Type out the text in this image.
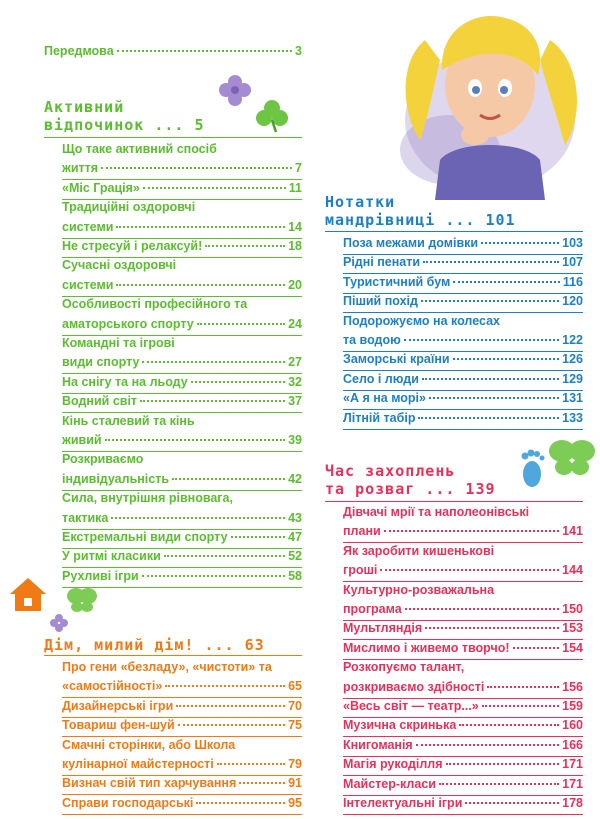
Передмова	3
Активний
відпочинок ... 5
Що таке активний спосіб
життя	7
«Міс Грація»	11
Традиційні оздоровчі
системи	14
Не стресуй і релаксуй!	18
Сучасні оздоровчі
системи	20
Особливості професійного та
аматорського спорту	24
Командні та ігрові
види спорту	27
На снігу та на льоду	32
Водний світ	37
Кінь сталевий та кінь
живий	39
Розкриваємо
індивідуальність	42
Сила, внутрішня рівновага,
тактика	43
Екстремальні види спорту	47
У ритмі класики	52
Рухливі ігри	58
Дім, милий дім! ... 63
Про гени «безладу», «чистоти» та
«самостійності»	65
Дизайнерські ігри	70
Товариш фен-шуй	75
Смачні сторінки, або Школа
кулінарної майстерності	79
Визнач свій тип харчування	91
Справи господарські	95
Нотатки
мандрівниці ... 101
Поза межами домівки	103
Рідні пенати	107
Туристичний бум	116
Піший похід	120
Подорожуємо на колесах
та водою	122
Заморські країни	126
Село і люди	129
«А я на морі»	131
Літній табір	133
Час захоплень
та розваг ... 139
Дівчачі мрії та наполеонівські
плани	141
Як заробити кишенькові
гроші	144
Культурно-розважальна
програма	150
Мультляндія	153
Мислимо і живемо творчо!	154
Розкопуємо талант,
розкриваємо здібності	156
«Весь світ — театр...»	159
Музична скринька	160
Книгоманія	166
Магія рукоділля	171
Майстер-класи	171
Інтелектуальні ігри	178
